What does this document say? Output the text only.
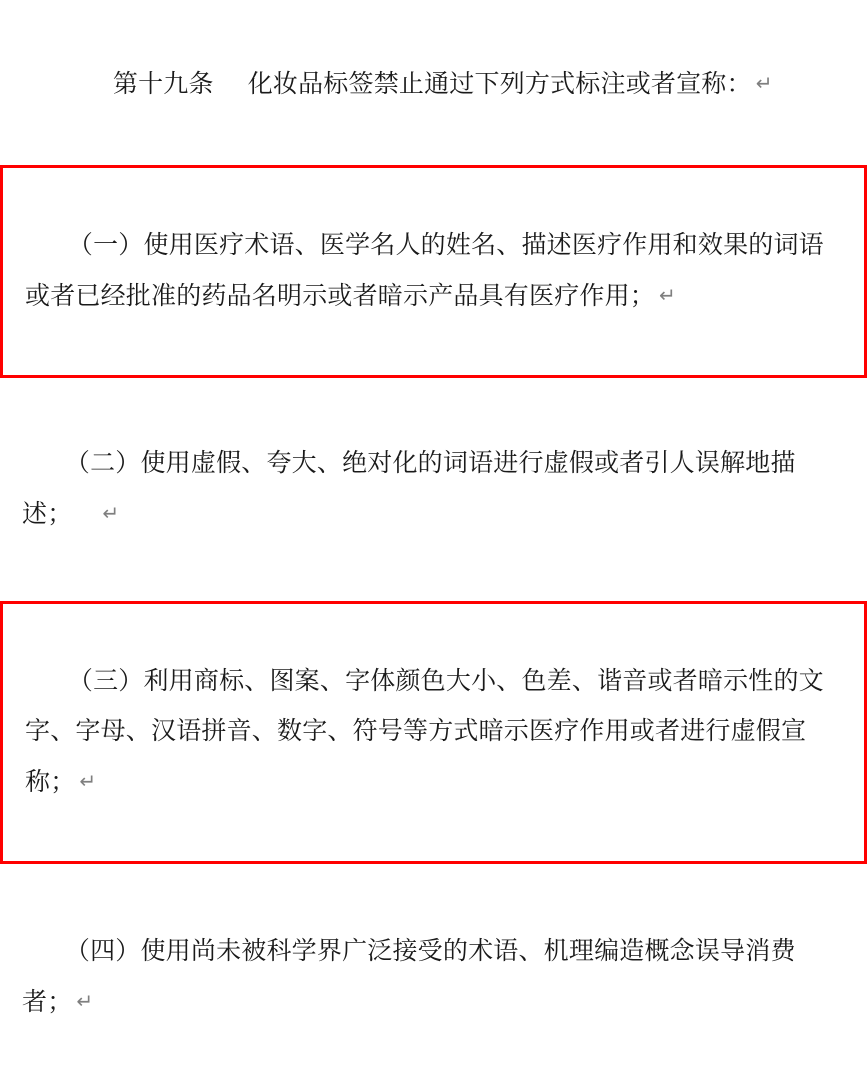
第十九条 化妆品标签禁止通过下列方式标注或者宣称： ↵

（一）使用医疗术语、医学名人的姓名、描述医疗作用和效果的词语或者已经批准的药品名明示或者暗示产品具有医疗作用； ↵

（二）使用虚假、夸大、绝对化的词语进行虚假或者引人误解地描述； ↵

（三）利用商标、图案、字体颜色大小、色差、谐音或者暗示性的文字、字母、汉语拼音、数字、符号等方式暗示医疗作用或者进行虚假宣称； ↵

（四）使用尚未被科学界广泛接受的术语、机理编造概念误导消费者； ↵
